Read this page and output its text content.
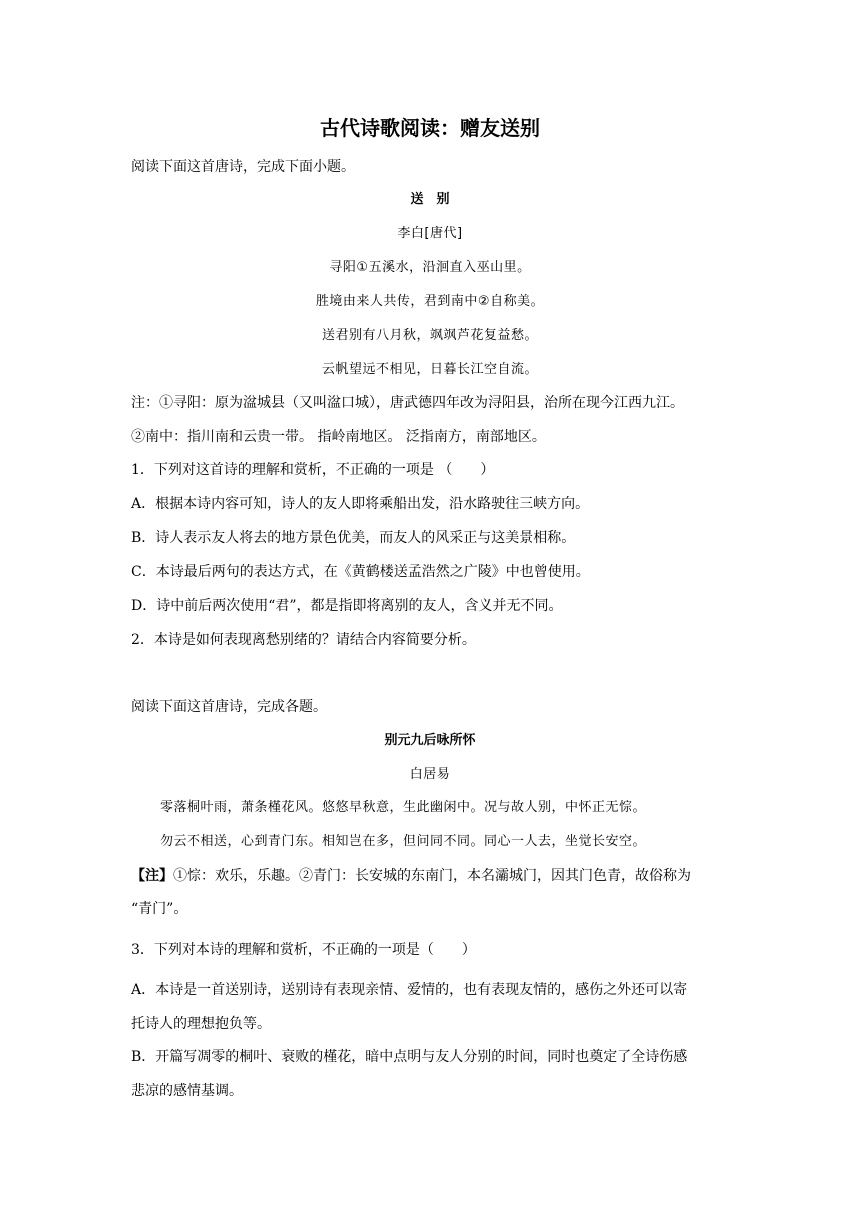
古代诗歌阅读：赠友送别
阅读下面这首唐诗，完成下面小题。
送　别
李白[唐代]
寻阳①五溪水，沿洄直入巫山里。
胜境由来人共传，君到南中②自称美。
送君别有八月秋，飒飒芦花复益愁。
云帆望远不相见，日暮长江空自流。
注：①寻阳：原为湓城县（又叫湓口城），唐武德四年改为浔阳县，治所在现今江西九江。
②南中：指川南和云贵一带。 指岭南地区。 泛指南方，南部地区。
1．下列对这首诗的理解和赏析，不正确的一项是 （　　）
A．根据本诗内容可知，诗人的友人即将乘船出发，沿水路驶往三峡方向。
B．诗人表示友人将去的地方景色优美，而友人的风采正与这美景相称。
C．本诗最后两句的表达方式，在《黄鹤楼送孟浩然之广陵》中也曾使用。
D．诗中前后两次使用“君”，都是指即将离别的友人，含义并无不同。
2．本诗是如何表现离愁别绪的？请结合内容简要分析。
阅读下面这首唐诗，完成各题。
别元九后咏所怀
白居易
零落桐叶雨，萧条槿花风。悠悠早秋意，生此幽闲中。况与故人别，中怀正无悰。
勿云不相送，心到青门东。相知岂在多，但问同不同。同心一人去，坐觉长安空。
【注】①悰：欢乐，乐趣。②青门：长安城的东南门，本名灞城门，因其门色青，故俗称为
“青门”。
3．下列对本诗的理解和赏析，不正确的一项是（　　）
A．本诗是一首送别诗，送别诗有表现亲情、爱情的，也有表现友情的，感伤之外还可以寄
托诗人的理想抱负等。
B．开篇写凋零的桐叶、衰败的槿花，暗中点明与友人分别的时间，同时也奠定了全诗伤感
悲凉的感情基调。
